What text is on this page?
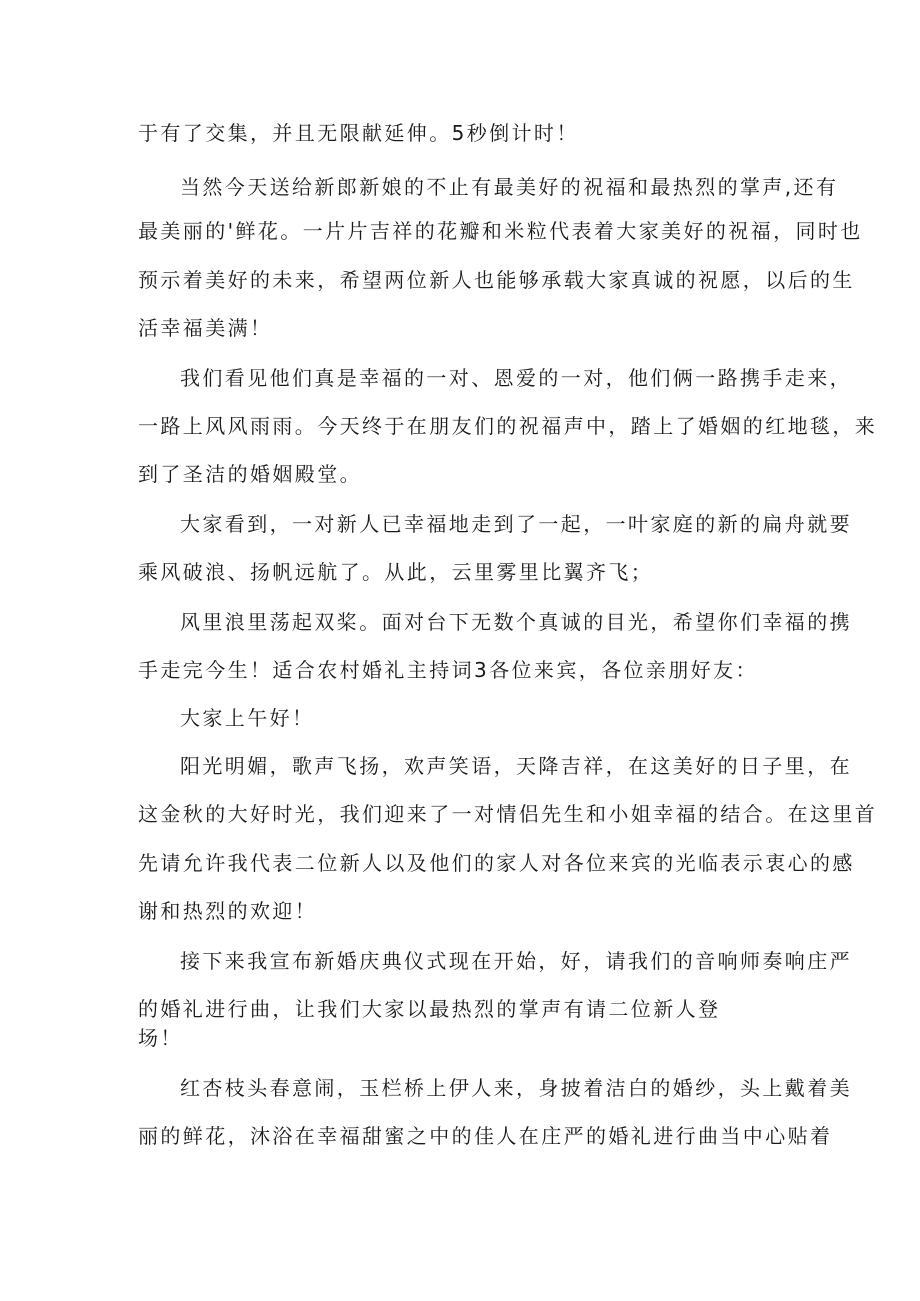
于有了交集，并且无限献延伸。5秒倒计时！
当然今天送给新郎新娘的不止有最美好的祝福和最热烈的掌声,还有
最美丽的'鲜花。一片片吉祥的花瓣和米粒代表着大家美好的祝福，同时也
预示着美好的未来，希望两位新人也能够承载大家真诚的祝愿，以后的生
活幸福美满！
我们看见他们真是幸福的一对、恩爱的一对，他们俩一路携手走来，
一路上风风雨雨。今天终于在朋友们的祝福声中，踏上了婚姻的红地毯，来
到了圣洁的婚姻殿堂。
大家看到，一对新人已幸福地走到了一起，一叶家庭的新的扁舟就要
乘风破浪、扬帆远航了。从此，云里雾里比翼齐飞；
风里浪里荡起双桨。面对台下无数个真诚的目光，希望你们幸福的携
手走完今生！适合农村婚礼主持词3各位来宾，各位亲朋好友：
大家上午好！
阳光明媚，歌声飞扬，欢声笑语，天降吉祥，在这美好的日子里，在
这金秋的大好时光，我们迎来了一对情侣先生和小姐幸福的结合。在这里首
先请允许我代表二位新人以及他们的家人对各位来宾的光临表示衷心的感
谢和热烈的欢迎！
接下来我宣布新婚庆典仪式现在开始，好，请我们的音响师奏响庄严
的婚礼进行曲，让我们大家以最热烈的掌声有请二位新人登
场！
红杏枝头春意闹，玉栏桥上伊人来，身披着洁白的婚纱，头上戴着美
丽的鲜花，沐浴在幸福甜蜜之中的佳人在庄严的婚礼进行曲当中心贴着
